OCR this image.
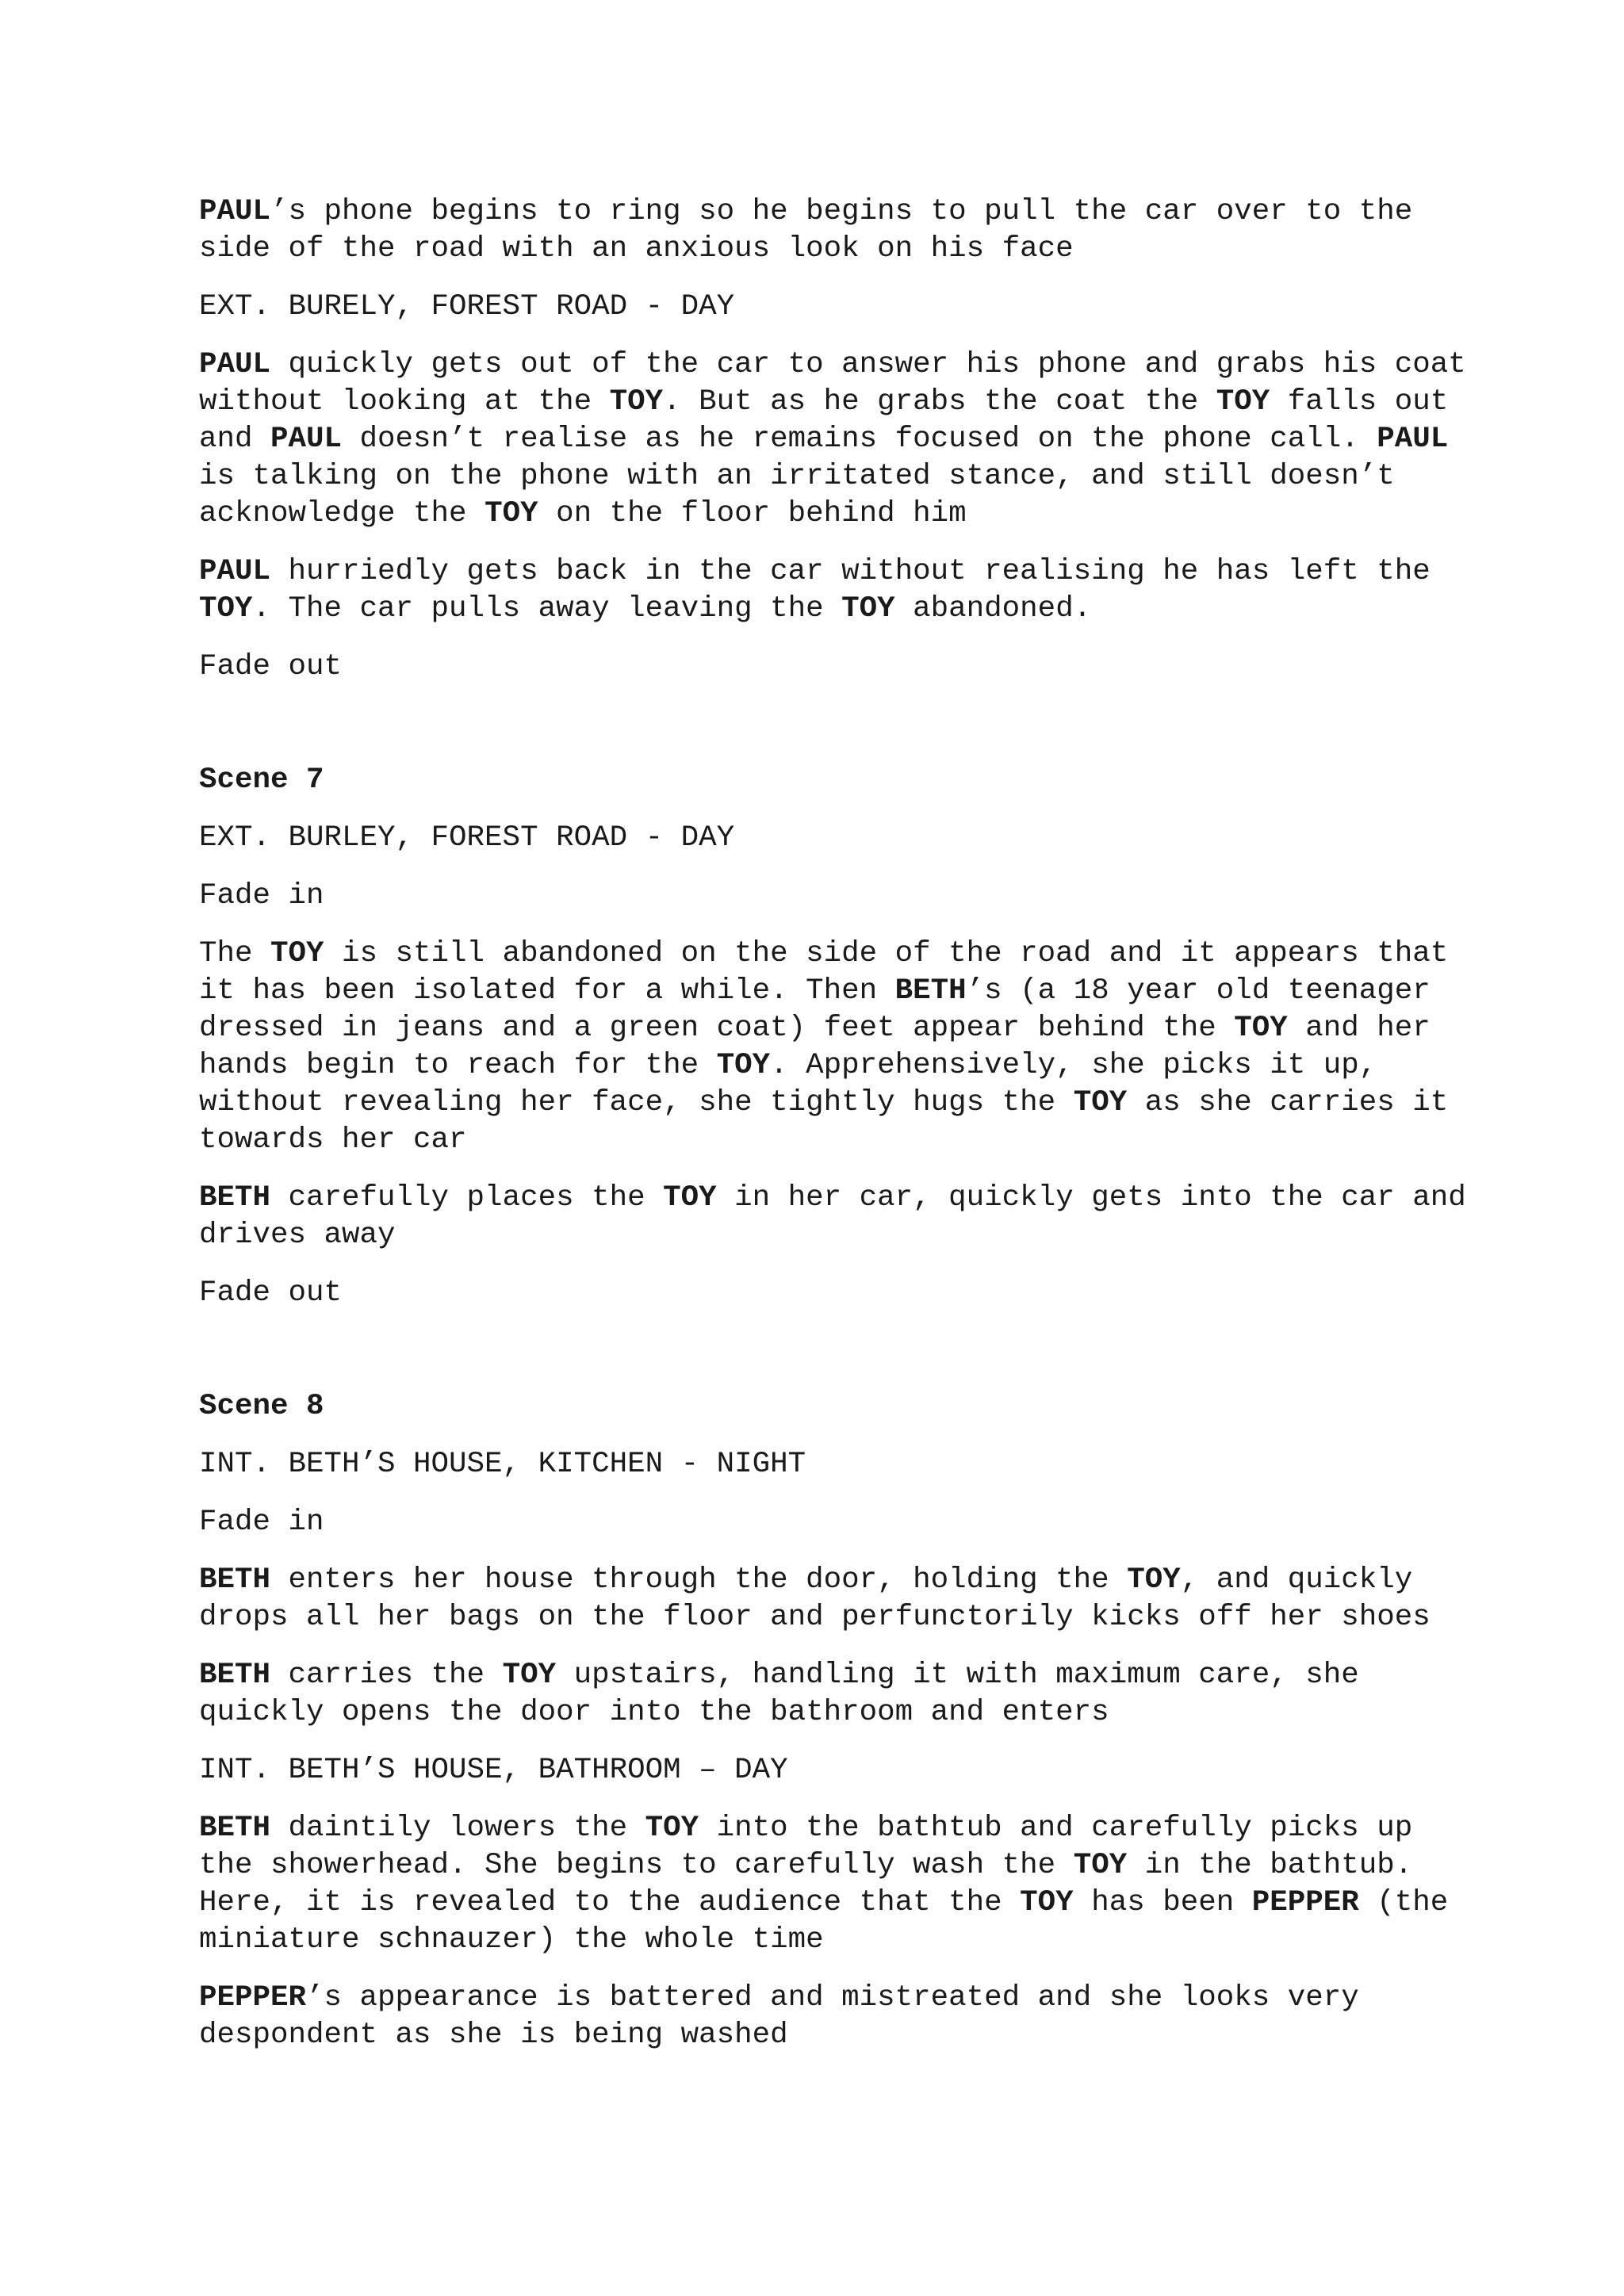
PAUL’s phone begins to ring so he begins to pull the car over to the side of the road with an anxious look on his face

EXT. BURELY, FOREST ROAD - DAY

PAUL quickly gets out of the car to answer his phone and grabs his coat without looking at the TOY. But as he grabs the coat the TOY falls out and PAUL doesn’t realise as he remains focused on the phone call. PAUL is talking on the phone with an irritated stance, and still doesn’t acknowledge the TOY on the floor behind him

PAUL hurriedly gets back in the car without realising he has left the TOY. The car pulls away leaving the TOY abandoned.

Fade out

Scene 7

EXT. BURLEY, FOREST ROAD - DAY

Fade in

The TOY is still abandoned on the side of the road and it appears that it has been isolated for a while. Then BETH’s (a 18 year old teenager dressed in jeans and a green coat) feet appear behind the TOY and her hands begin to reach for the TOY. Apprehensively, she picks it up, without revealing her face, she tightly hugs the TOY as she carries it towards her car

BETH carefully places the TOY in her car, quickly gets into the car and drives away

Fade out

Scene 8

INT. BETH’S HOUSE, KITCHEN - NIGHT

Fade in

BETH enters her house through the door, holding the TOY, and quickly drops all her bags on the floor and perfunctorily kicks off her shoes

BETH carries the TOY upstairs, handling it with maximum care, she quickly opens the door into the bathroom and enters

INT. BETH’S HOUSE, BATHROOM – DAY

BETH daintily lowers the TOY into the bathtub and carefully picks up the showerhead. She begins to carefully wash the TOY in the bathtub. Here, it is revealed to the audience that the TOY has been PEPPER (the miniature schnauzer) the whole time

PEPPER’s appearance is battered and mistreated and she looks very despondent as she is being washed
